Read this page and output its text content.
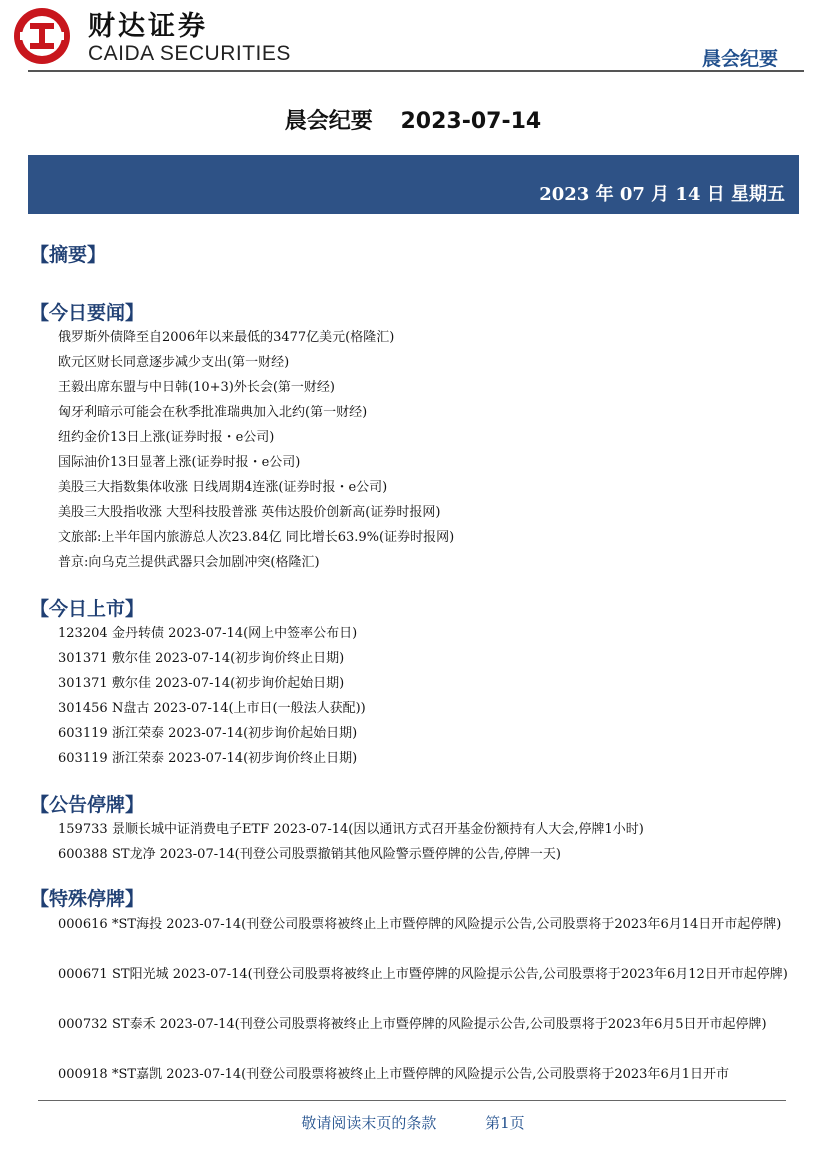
财达证券
CAIDA SECURITIES	晨会纪要
晨会纪要 2023-07-14
2023 年 07 月 14 日 星期五
【摘要】
【今日要闻】
俄罗斯外债降至自2006年以来最低的3477亿美元(格隆汇)
欧元区财长同意逐步减少支出(第一财经)
王毅出席东盟与中日韩(10+3)外长会(第一财经)
匈牙利暗示可能会在秋季批准瑞典加入北约(第一财经)
纽约金价13日上涨(证券时报・e公司)
国际油价13日显著上涨(证券时报・e公司)
美股三大指数集体收涨 日线周期4连涨(证券时报・e公司)
美股三大股指收涨 大型科技股普涨 英伟达股价创新高(证券时报网)
文旅部:上半年国内旅游总人次23.84亿 同比增长63.9%(证券时报网)
普京:向乌克兰提供武器只会加剧冲突(格隆汇)
【今日上市】
123204 金丹转债 2023-07-14(网上中签率公布日)
301371 敷尔佳 2023-07-14(初步询价终止日期)
301371 敷尔佳 2023-07-14(初步询价起始日期)
301456 N盘古 2023-07-14(上市日(一般法人获配))
603119 浙江荣泰 2023-07-14(初步询价起始日期)
603119 浙江荣泰 2023-07-14(初步询价终止日期)
【公告停牌】
159733 景顺长城中证消费电子ETF 2023-07-14(因以通讯方式召开基金份额持有人大会,停牌1小时)
600388 ST龙净 2023-07-14(刊登公司股票撤销其他风险警示暨停牌的公告,停牌一天)
【特殊停牌】
000616 *ST海投 2023-07-14(刊登公司股票将被终止上市暨停牌的风险提示公告,公司股票将于2023年6月14日开市起停牌)
000671 ST阳光城 2023-07-14(刊登公司股票将被终止上市暨停牌的风险提示公告,公司股票将于2023年6月12日开市起停牌)
000732 ST泰禾 2023-07-14(刊登公司股票将被终止上市暨停牌的风险提示公告,公司股票将于2023年6月5日开市起停牌)
000918 *ST嘉凯 2023-07-14(刊登公司股票将被终止上市暨停牌的风险提示公告,公司股票将于2023年6月1日开市
敬请阅读末页的条款	第1页
